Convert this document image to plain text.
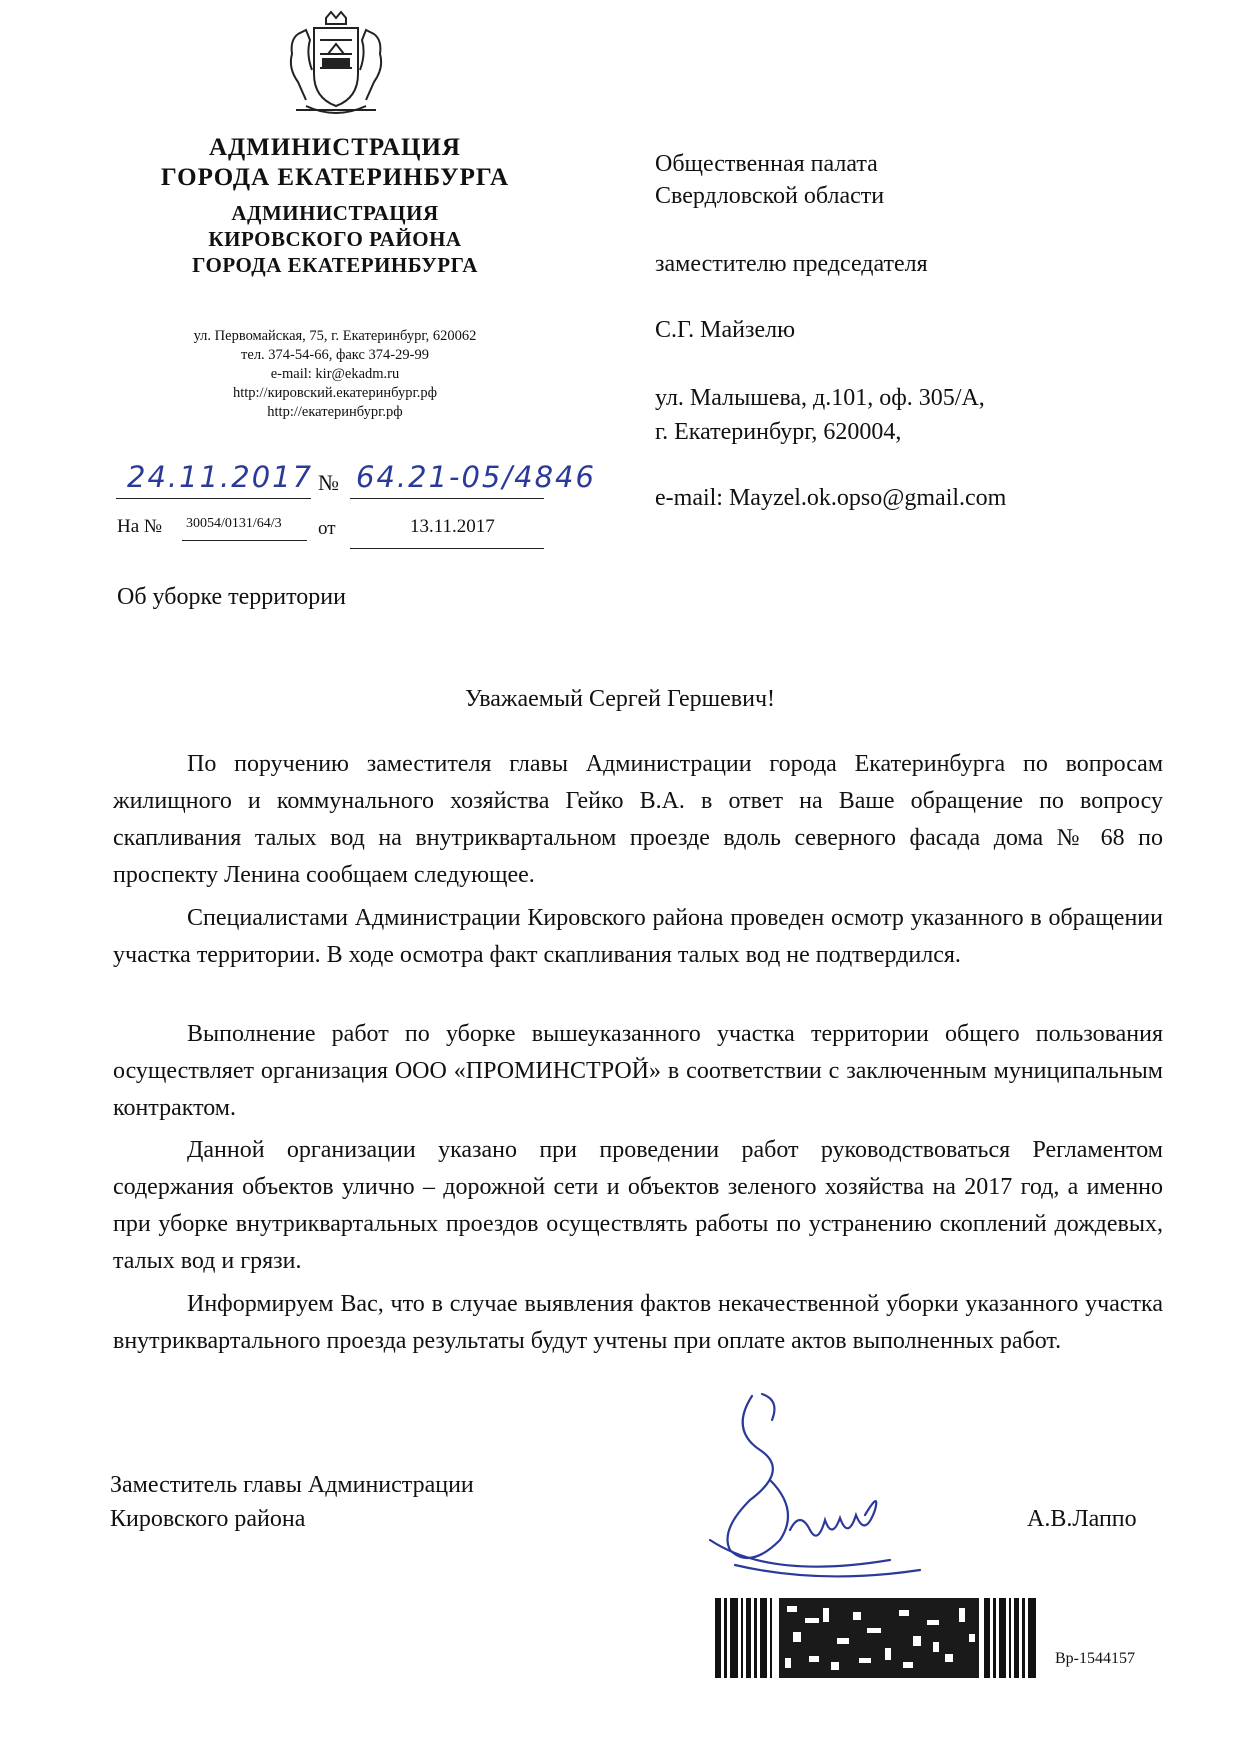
АДМИНИСТРАЦИЯ
ГОРОДА ЕКАТЕРИНБУРГА
АДМИНИСТРАЦИЯ
КИРОВСКОГО РАЙОНА
ГОРОДА ЕКАТЕРИНБУРГА
ул. Первомайская, 75, г. Екатеринбург, 620062
тел. 374-54-66, факс 374-29-99
e-mail: kir@ekadm.ru
http://кировский.екатеринбург.рф
http://екатеринбург.рф
24.11.2017 № 64.21-05/4846
На № 30054/0131/64/3 от	13.11.2017
Общественная палата
Свердловской области
заместителю председателя
С.Г. Майзелю
ул. Малышева, д.101, оф. 305/А,
г. Екатеринбург, 620004,
e-mail: Mayzel.ok.opso@gmail.com
Об уборке территории
Уважаемый Сергей Гершевич!

По поручению заместителя главы Администрации города Екатеринбурга по вопросам жилищного и коммунального хозяйства Гейко В.А. в ответ на Ваше обращение по вопросу скапливания талых вод на внутриквартальном проезде вдоль северного фасада дома № 68 по проспекту Ленина сообщаем следующее.

Специалистами Администрации Кировского района проведен осмотр указанного в обращении участка территории. В ходе осмотра факт скапливания талых вод не подтвердился.

Выполнение работ по уборке вышеуказанного участка территории общего пользования осуществляет организация ООО «ПРОМИНСТРОЙ» в соответствии с заключенным муниципальным контрактом.

Данной организации указано при проведении работ руководствоваться Регламентом содержания объектов улично – дорожной сети и объектов зеленого хозяйства на 2017 год, а именно при уборке внутриквартальных проездов осуществлять работы по устранению скоплений дождевых, талых вод и грязи.

Информируем Вас, что в случае выявления фактов некачественной уборки указанного участка внутриквартального проезда результаты будут учтены при оплате актов выполненных работ.

Заместитель главы Администрации
Кировского района	А.В.Лаппо
Вр-1544157
